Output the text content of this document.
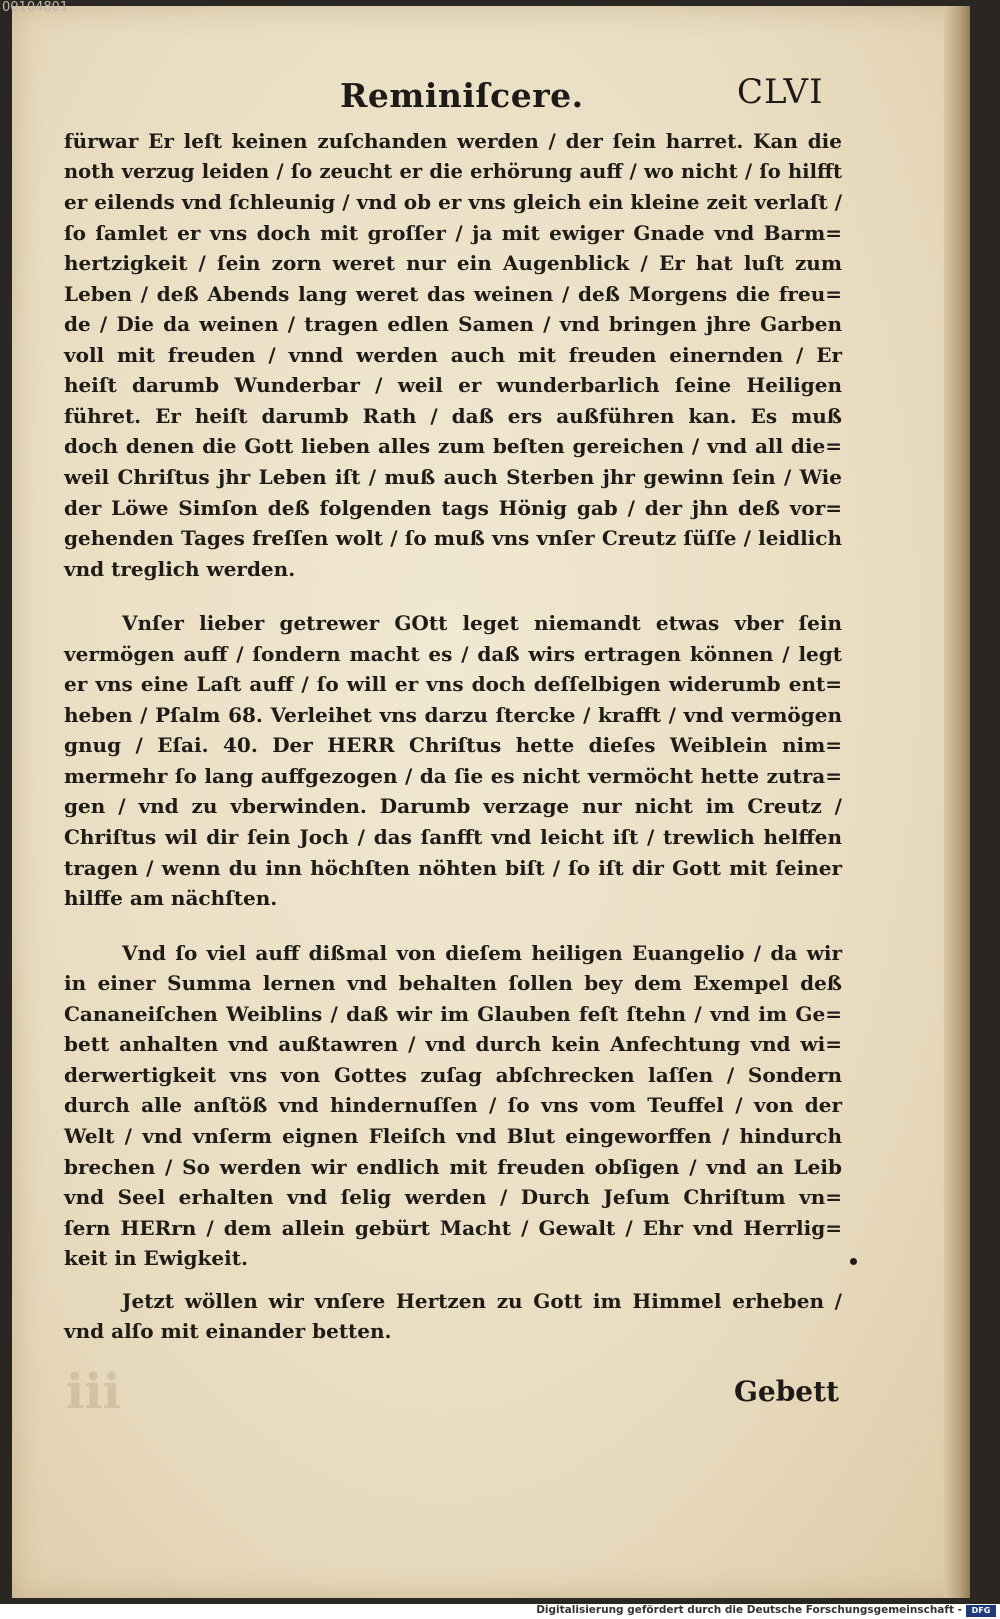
00104801
Reminiſcere.	CLVI
fürwar Er leſt keinen zuſchanden werden / der ſein harret. Kan die
noth verzug leiden / ſo zeucht er die erhörung auff / wo nicht / ſo hilfft
er eilends vnd ſchleunig / vnd ob er vns gleich ein kleine zeit verlaſt /
ſo ſamlet er vns doch mit groſſer / ja mit ewiger Gnade vnd Barm=
hertzigkeit / ſein zorn weret nur ein Augenblick / Er hat luſt zum
Leben / deß Abends lang weret das weinen / deß Morgens die freu=
de / Die da weinen / tragen edlen Samen / vnd bringen jhre Garben
voll mit freuden / vnnd werden auch mit freuden einernden / Er
heiſt darumb Wunderbar / weil er wunderbarlich ſeine Heiligen
führet. Er heiſt darumb Rath / daß ers außführen kan. Es muß
doch denen die Gott lieben alles zum beſten gereichen / vnd all die=
weil Chriſtus jhr Leben iſt / muß auch Sterben jhr gewinn ſein / Wie
der Löwe Simſon deß folgenden tags Hönig gab / der jhn deß vor=
gehenden Tages freſſen wolt / ſo muß vns vnſer Creutz ſüſſe / leidlich
vnd treglich werden.
Vnſer lieber getrewer GOtt leget niemandt etwas vber ſein
vermögen auff / ſondern macht es / daß wirs ertragen können / legt
er vns eine Laſt auff / ſo will er vns doch deſſelbigen widerumb ent=
heben / Pſalm 68. Verleihet vns darzu ſtercke / krafft / vnd vermögen
gnug / Eſai. 40. Der HERR Chriſtus hette dieſes Weiblein nim=
mermehr ſo lang auffgezogen / da ſie es nicht vermöcht hette zutra=
gen / vnd zu vberwinden. Darumb verzage nur nicht im Creutz /
Chriſtus wil dir ſein Joch / das ſanfft vnd leicht iſt / trewlich helffen
tragen / wenn du inn höchſten nöhten biſt / ſo iſt dir Gott mit ſeiner
hilffe am nächſten.
Vnd ſo viel auff dißmal von dieſem heiligen Euangelio / da wir
in einer Summa lernen vnd behalten ſollen bey dem Exempel deß
Cananeiſchen Weiblins / daß wir im Glauben feſt ſtehn / vnd im Ge=
bett anhalten vnd außtawren / vnd durch kein Anfechtung vnd wi=
derwertigkeit vns von Gottes zuſag abſchrecken laſſen / Sondern
durch alle anſtöß vnd hindernuſſen / ſo vns vom Teuffel / von der
Welt / vnd vnſerm eignen Fleiſch vnd Blut eingeworffen / hindurch
brechen / So werden wir endlich mit freuden obſigen / vnd an Leib
vnd Seel erhalten vnd ſelig werden / Durch Jeſum Chriſtum vn=
ſern HERrn / dem allein gebürt Macht / Gewalt / Ehr vnd Herrlig=
keit in Ewigkeit.
Jetzt wöllen wir vnſere Hertzen zu Gott im Himmel erheben /
vnd alſo mit einander betten.
iii	Gebett
Digitalisierung gefördert durch die Deutsche Forschungsgemeinschaft -	DFG
